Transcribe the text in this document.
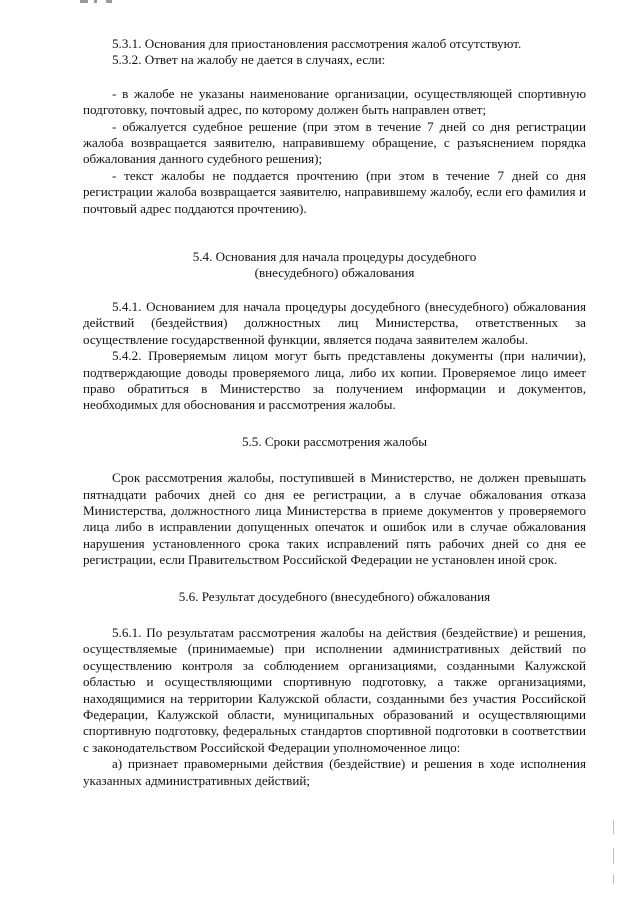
5.3.1. Основания для приостановления рассмотрения жалоб отсутствуют.

5.3.2. Ответ на жалобу не дается в случаях, если:

- в жалобе не указаны наименование организации, осуществляющей спортивную подготовку, почтовый адрес, по которому должен быть направлен ответ;

- обжалуется судебное решение (при этом в течение 7 дней со дня регистрации жалоба возвращается заявителю, направившему обращение, с разъяснением порядка обжалования данного судебного решения);

- текст жалобы не поддается прочтению (при этом в течение 7 дней со дня регистрации жалоба возвращается заявителю, направившему жалобу, если его фамилия и почтовый адрес поддаются прочтению).

5.4. Основания для начала процедуры досудебного
(внесудебного) обжалования

5.4.1. Основанием для начала процедуры досудебного (внесудебного) обжалования действий (бездействия) должностных лиц Министерства, ответственных за осуществление государственной функции, является подача заявителем жалобы.

5.4.2. Проверяемым лицом могут быть представлены документы (при наличии), подтверждающие доводы проверяемого лица, либо их копии. Проверяемое лицо имеет право обратиться в Министерство за получением информации и документов, необходимых для обоснования и рассмотрения жалобы.

5.5. Сроки рассмотрения жалобы

Срок рассмотрения жалобы, поступившей в Министерство, не должен превышать пятнадцати рабочих дней со дня ее регистрации, а в случае обжалования отказа Министерства, должностного лица Министерства в приеме документов у проверяемого лица либо в исправлении допущенных опечаток и ошибок или в случае обжалования нарушения установленного срока таких исправлений пять рабочих дней со дня ее регистрации, если Правительством Российской Федерации не установлен иной срок.

5.6. Результат досудебного (внесудебного) обжалования

5.6.1. По результатам рассмотрения жалобы на действия (бездействие) и решения, осуществляемые (принимаемые) при исполнении административных действий по осуществлению контроля за соблюдением организациями, созданными Калужской областью и осуществляющими спортивную подготовку, а также организациями, находящимися на территории Калужской области, созданными без участия Российской Федерации, Калужской области, муниципальных образований и осуществляющими спортивную подготовку, федеральных стандартов спортивной подготовки в соответствии с законодательством Российской Федерации уполномоченное лицо:

а) признает правомерными действия (бездействие) и решения в ходе исполнения указанных административных действий;
